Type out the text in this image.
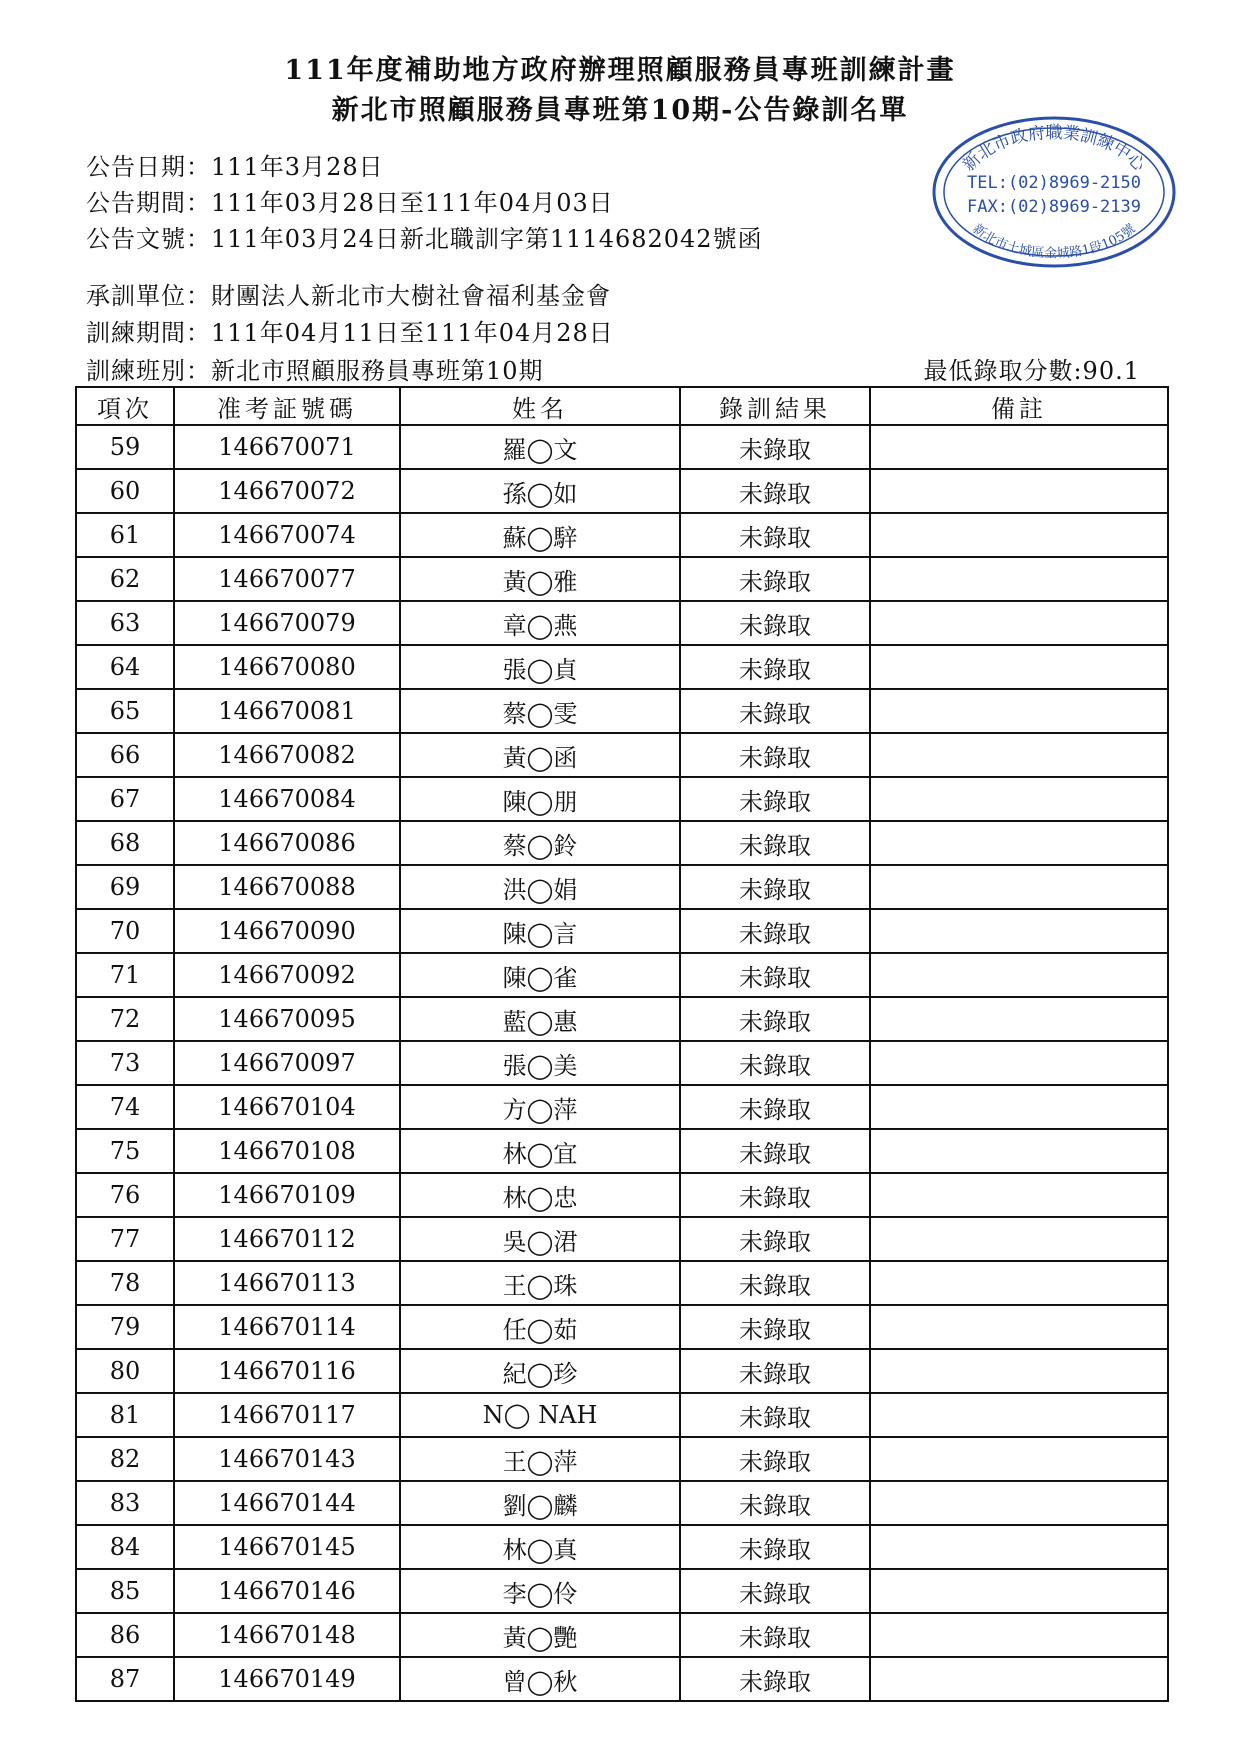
111年度補助地方政府辦理照顧服務員專班訓練計畫
新北市照顧服務員專班第10期-公告錄訓名單
公告日期：111年3月28日
公告期間：111年03月28日至111年04月03日
公告文號：111年03月24日新北職訓字第1114682042號函
承訓單位：財團法人新北市大樹社會福利基金會
訓練期間：111年04月11日至111年04月28日
訓練班別：新北市照顧服務員專班第10期	最低錄取分數:90.1
新北市政府職業訓練中心
新北市土城區金城路1段105號
TEL:(02)8969-2150
FAX:(02)8969-2139
項次	准考証號碼	姓名	錄訓結果	備註
59	146670071	羅◯文	未錄取	
60	146670072	孫◯如	未錄取	
61	146670074	蘇◯騂	未錄取	
62	146670077	黃◯雅	未錄取	
63	146670079	章◯燕	未錄取	
64	146670080	張◯貞	未錄取	
65	146670081	蔡◯雯	未錄取	
66	146670082	黃◯函	未錄取	
67	146670084	陳◯朋	未錄取	
68	146670086	蔡◯鈴	未錄取	
69	146670088	洪◯娟	未錄取	
70	146670090	陳◯言	未錄取	
71	146670092	陳◯雀	未錄取	
72	146670095	藍◯惠	未錄取	
73	146670097	張◯美	未錄取	
74	146670104	方◯萍	未錄取	
75	146670108	林◯宜	未錄取	
76	146670109	林◯忠	未錄取	
77	146670112	吳◯涒	未錄取	
78	146670113	王◯珠	未錄取	
79	146670114	任◯茹	未錄取	
80	146670116	紀◯珍	未錄取	
81	146670117	N◯ NAH	未錄取	
82	146670143	王◯萍	未錄取	
83	146670144	劉◯麟	未錄取	
84	146670145	林◯真	未錄取	
85	146670146	李◯伶	未錄取	
86	146670148	黃◯艷	未錄取	
87	146670149	曾◯秋	未錄取	
